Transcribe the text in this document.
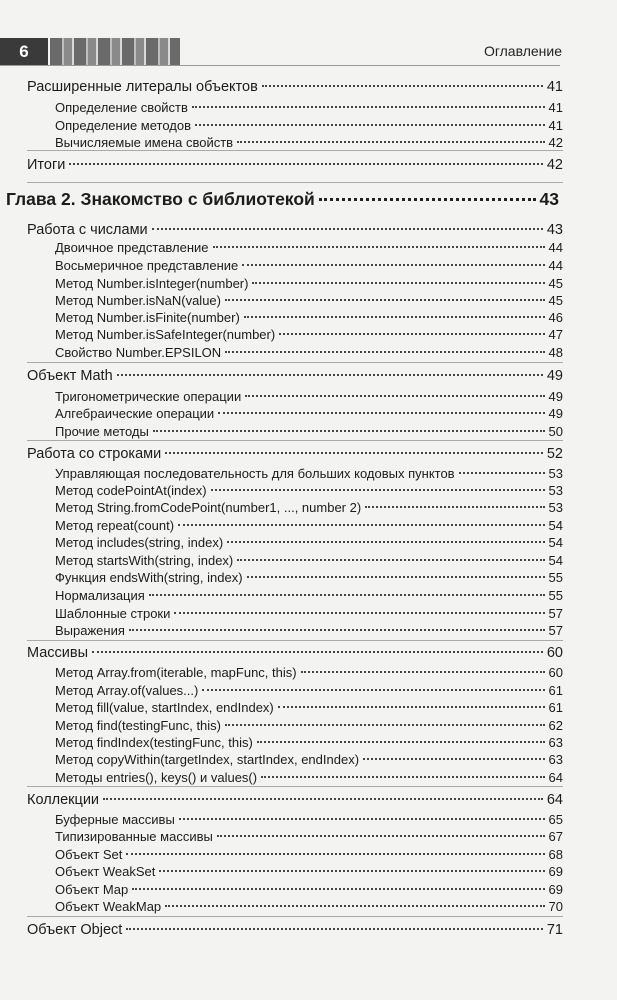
6	Оглавление
Расширенные литералы объектов	41
Определение свойств	41
Определение методов	41
Вычисляемые имена свойств	42
Итоги	42
Глава 2. Знакомство с библиотекой	43
Работа с числами	43
Двоичное представление	44
Восьмеричное представление	44
Метод Number.isInteger(number)	45
Метод Number.isNaN(value)	45
Метод Number.isFinite(number)	46
Метод Number.isSafeInteger(number)	47
Свойство Number.EPSILON	48
Объект Math	49
Тригонометрические операции	49
Алгебраические операции	49
Прочие методы	50
Работа со строками	52
Управляющая последовательность для больших кодовых пунктов	53
Метод codePointAt(index)	53
Метод String.fromCodePoint(number1, ..., number 2)	53
Метод repeat(count)	54
Метод includes(string, index)	54
Метод startsWith(string, index)	54
Функция endsWith(string, index)	55
Нормализация	55
Шаблонные строки	57
Выражения	57
Массивы	60
Метод Array.from(iterable, mapFunc, this)	60
Метод Array.of(values...)	61
Метод fill(value, startIndex, endIndex)	61
Метод find(testingFunc, this)	62
Метод findIndex(testingFunc, this)	63
Метод copyWithin(targetIndex, startIndex, endIndex)	63
Методы entries(), keys() и values()	64
Коллекции	64
Буферные массивы	65
Типизированные массивы	67
Объект Set	68
Объект WeakSet	69
Объект Map	69
Объект WeakMap	70
Объект Object	71
